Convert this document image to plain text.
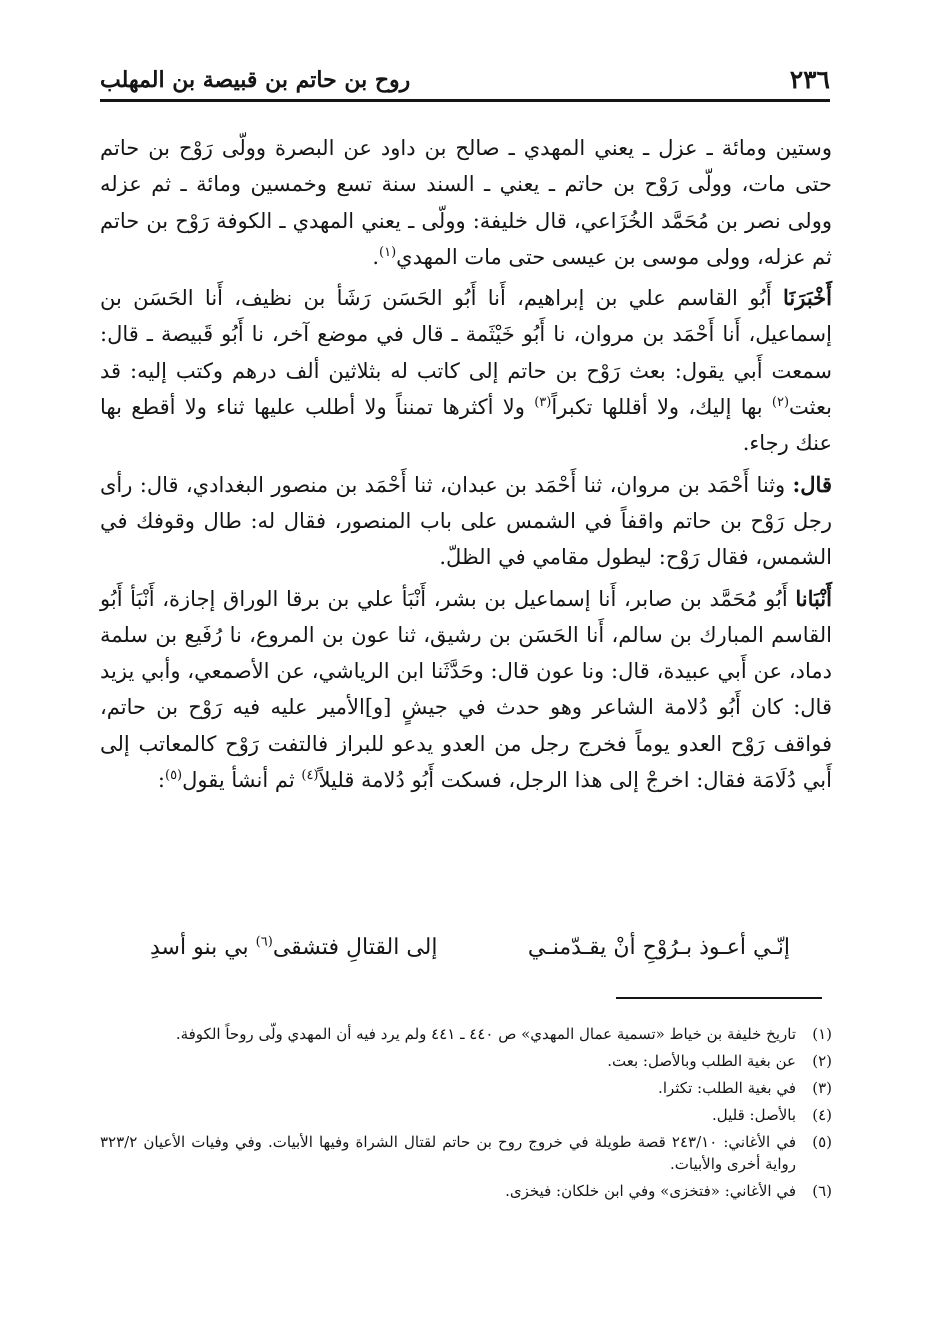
٢٣٦
روح بن حاتم بن قبيصة بن المهلب

وستين ومائة ـ عزل ـ يعني المهدي ـ صالح بن داود عن البصرة وولّى رَوْح بن حاتم حتى مات، وولّى رَوْح بن حاتم ـ يعني ـ السند سنة تسع وخمسين ومائة ـ ثم عزله وولى نصر بن مُحَمَّد الخُزَاعي، قال خليفة: وولّى ـ يعني المهدي ـ الكوفة رَوْح بن حاتم ثم عزله، وولى موسى بن عيسى حتى مات المهدي$^{(١)}$.

أَخْبَرَنَا أَبُو القاسم علي بن إبراهيم، أَنا أَبُو الحَسَن رَشَأ بن نظيف، أَنا الحَسَن بن إسماعيل، أَنا أَحْمَد بن مروان، نا أَبُو خَيْثَمة ـ قال في موضع آخر، نا أَبُو قَبيصة ـ قال: سمعت أَبي يقول: بعث رَوْح بن حاتم إلى كاتب له بثلاثين ألف درهم وكتب إليه: قد بعثت$^{(٢)}$ بها إليك، ولا أقللها تكبراً$^{(٣)}$ ولا أكثرها تمنناً ولا أطلب عليها ثناء ولا أقطع بها عنك رجاء.

قال: وثنا أَحْمَد بن مروان، ثنا أَحْمَد بن عبدان، ثنا أَحْمَد بن منصور البغدادي، قال: رأى رجل رَوْح بن حاتم واقفاً في الشمس على باب المنصور، فقال له: طال وقوفك في الشمس، فقال رَوْح: ليطول مقامي في الظلّ.

أَنْبَانا أَبُو مُحَمَّد بن صابر، أَنا إسماعيل بن بشر، أَنْبَأ علي بن برقا الوراق إجازة، أَنْبَأ أَبُو القاسم المبارك بن سالم، أَنا الحَسَن بن رشيق، ثنا عون بن المروع، نا رُفَيع بن سلمة دماد، عن أَبي عبيدة، قال: ونا عون قال: وحَدَّثَنا ابن الرياشي، عن الأصمعي، وأبي يزيد قال: كان أَبُو دُلامة الشاعر وهو حدث في جيشٍ [و]الأمير عليه فيه رَوْح بن حاتم، فواقف رَوْح العدو يوماً فخرج رجل من العدو يدعو للبراز فالتفت رَوْح كالمعاتب إلى أَبي دُلَامَة فقال: اخرجْ إلى هذا الرجل، فسكت أَبُو دُلامة قليلاً$^{(٤)}$ ثم أنشأ يقول$^{(٥)}$:

إنّـي أعـوذ بـرُوْحِ أنْ يقـدّمنـي
إلى القتالِ فتشقى$^{(٦)}$ بي بنو أسدِ
(١)
تاريخ خليفة بن خياط «تسمية عمال المهدي» ص ٤٤٠ ـ ٤٤١ ولم يرد فيه أن المهدي ولّى روحاً الكوفة.
(٢)
عن بغية الطلب وبالأصل: بعت.
(٣)
في بغية الطلب: تكثرا.
(٤)
بالأصل: قليل.
(٥)
في الأغاني: ٢٤٣/١٠ قصة طويلة في خروج روح بن حاتم لقتال الشراة وفيها الأبيات. وفي وفيات الأعيان ٣٢٣/٢ رواية أخرى والأبيات.
(٦)
في الأغاني: «فتخزى» وفي ابن خلكان: فيخزى.
